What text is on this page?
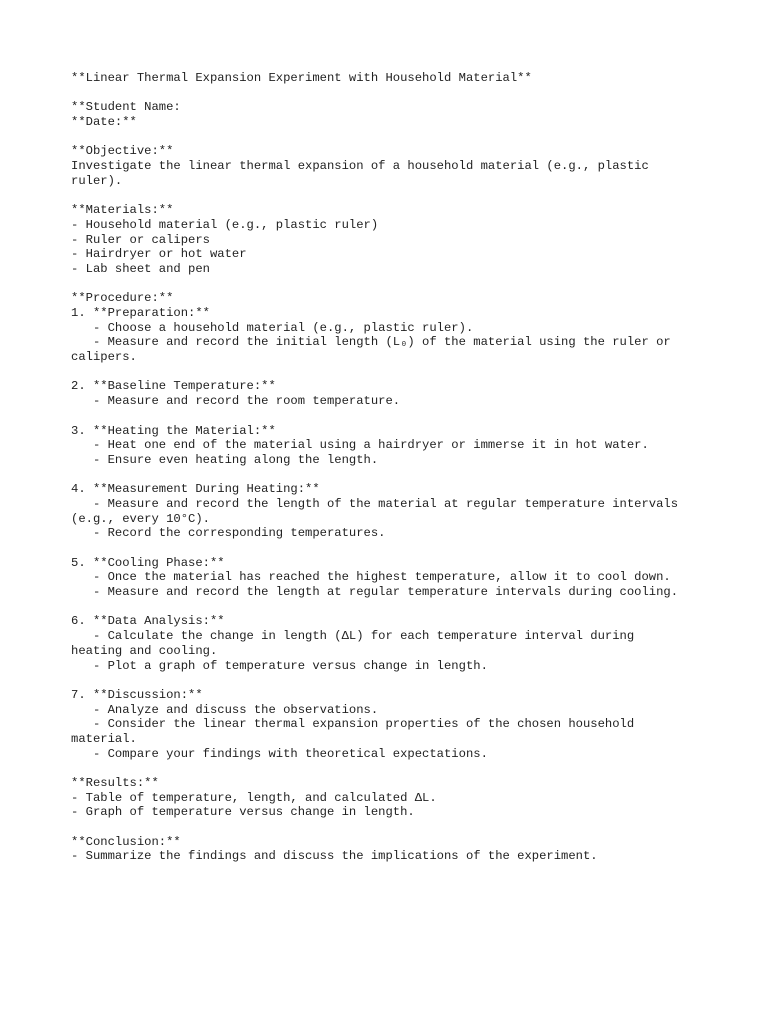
**Linear Thermal Expansion Experiment with Household Material**
**Student Name:
**Date:**
**Objective:**
Investigate the linear thermal expansion of a household material (e.g., plastic
ruler).
**Materials:**
- Household material (e.g., plastic ruler)
- Ruler or calipers
- Hairdryer or hot water
- Lab sheet and pen
**Procedure:**
1. **Preparation:**
- Choose a household material (e.g., plastic ruler).
- Measure and record the initial length (L₀) of the material using the ruler or
calipers.
2. **Baseline Temperature:**
- Measure and record the room temperature.
3. **Heating the Material:**
- Heat one end of the material using a hairdryer or immerse it in hot water.
- Ensure even heating along the length.
4. **Measurement During Heating:**
- Measure and record the length of the material at regular temperature intervals
(e.g., every 10°C).
- Record the corresponding temperatures.
5. **Cooling Phase:**
- Once the material has reached the highest temperature, allow it to cool down.
- Measure and record the length at regular temperature intervals during cooling.
6. **Data Analysis:**
- Calculate the change in length (ΔL) for each temperature interval during
heating and cooling.
- Plot a graph of temperature versus change in length.
7. **Discussion:**
- Analyze and discuss the observations.
- Consider the linear thermal expansion properties of the chosen household
material.
- Compare your findings with theoretical expectations.
**Results:**
- Table of temperature, length, and calculated ΔL.
- Graph of temperature versus change in length.
**Conclusion:**
- Summarize the findings and discuss the implications of the experiment.
